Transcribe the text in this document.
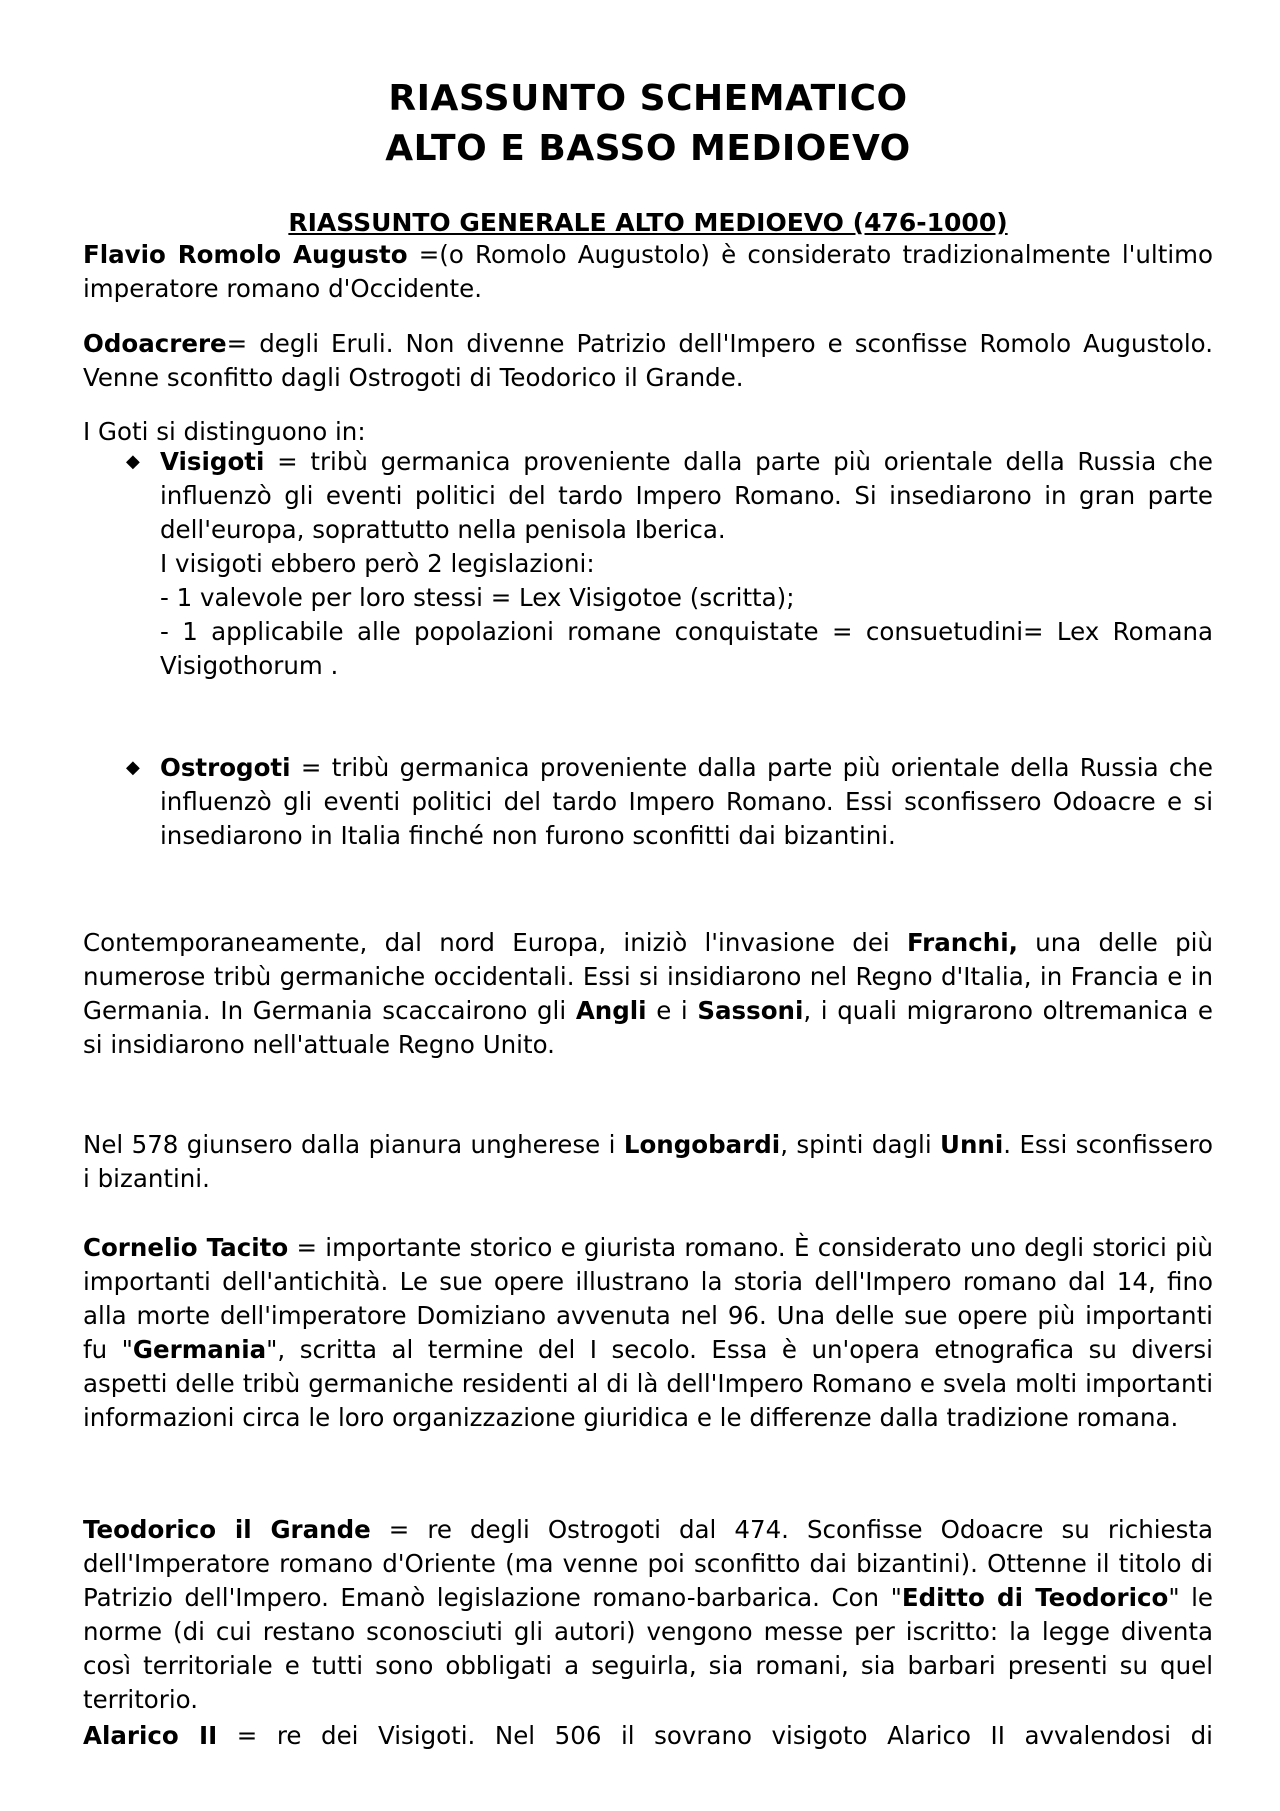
RIASSUNTO SCHEMATICO
ALTO E BASSO MEDIOEVO
RIASSUNTO GENERALE ALTO MEDIOEVO (476-1000)

Flavio Romolo Augusto =(o Romolo Augustolo) è considerato tradizionalmente l'ultimo imperatore romano d'Occidente.

Odoacrere= degli Eruli. Non divenne Patrizio dell'Impero e sconfisse Romolo Augustolo. Venne sconfitto dagli Ostrogoti di Teodorico il Grande.

I Goti si distinguono in:

◆ Visigoti = tribù germanica proveniente dalla parte più orientale della Russia che influenzò gli eventi politici del tardo Impero Romano. Si insediarono in gran parte dell'europa, soprattutto nella penisola Iberica.
I visigoti ebbero però 2 legislazioni:
- 1 valevole per loro stessi = Lex Visigotoe (scritta);
- 1 applicabile alle popolazioni romane conquistate = consuetudini= Lex Romana Visigothorum .
◆ Ostrogoti = tribù germanica proveniente dalla parte più orientale della Russia che influenzò gli eventi politici del tardo Impero Romano. Essi sconfissero Odoacre e si insediarono in Italia finché non furono sconfitti dai bizantini.

Contemporaneamente, dal nord Europa, iniziò l'invasione dei Franchi, una delle più numerose tribù germaniche occidentali. Essi si insidiarono nel Regno d'Italia, in Francia e in Germania. In Germania scaccairono gli Angli e i Sassoni, i quali migrarono oltremanica e si insidiarono nell'attuale Regno Unito.

Nel 578 giunsero dalla pianura ungherese i Longobardi, spinti dagli Unni. Essi sconfissero i bizantini.

Cornelio Tacito = importante storico e giurista romano. È considerato uno degli storici più importanti dell'antichità. Le sue opere illustrano la storia dell'Impero romano dal 14, fino alla morte dell'imperatore Domiziano avvenuta nel 96. Una delle sue opere più importanti fu "Germania", scritta al termine del I secolo. Essa è un'opera etnografica su diversi aspetti delle tribù germaniche residenti al di là dell'Impero Romano e svela molti importanti informazioni circa le loro organizzazione giuridica e le differenze dalla tradizione romana.

Teodorico il Grande = re degli Ostrogoti dal 474. Sconfisse Odoacre su richiesta dell'Imperatore romano d'Oriente (ma venne poi sconfitto dai bizantini). Ottenne il titolo di Patrizio dell'Impero. Emanò legislazione romano-barbarica. Con "Editto di Teodorico" le norme (di cui restano sconosciuti gli autori) vengono messe per iscritto: la legge diventa così territoriale e tutti sono obbligati a seguirla, sia romani, sia barbari presenti su quel territorio.

Alarico II = re dei Visigoti. Nel 506 il sovrano visigoto Alarico II avvalendosi di
